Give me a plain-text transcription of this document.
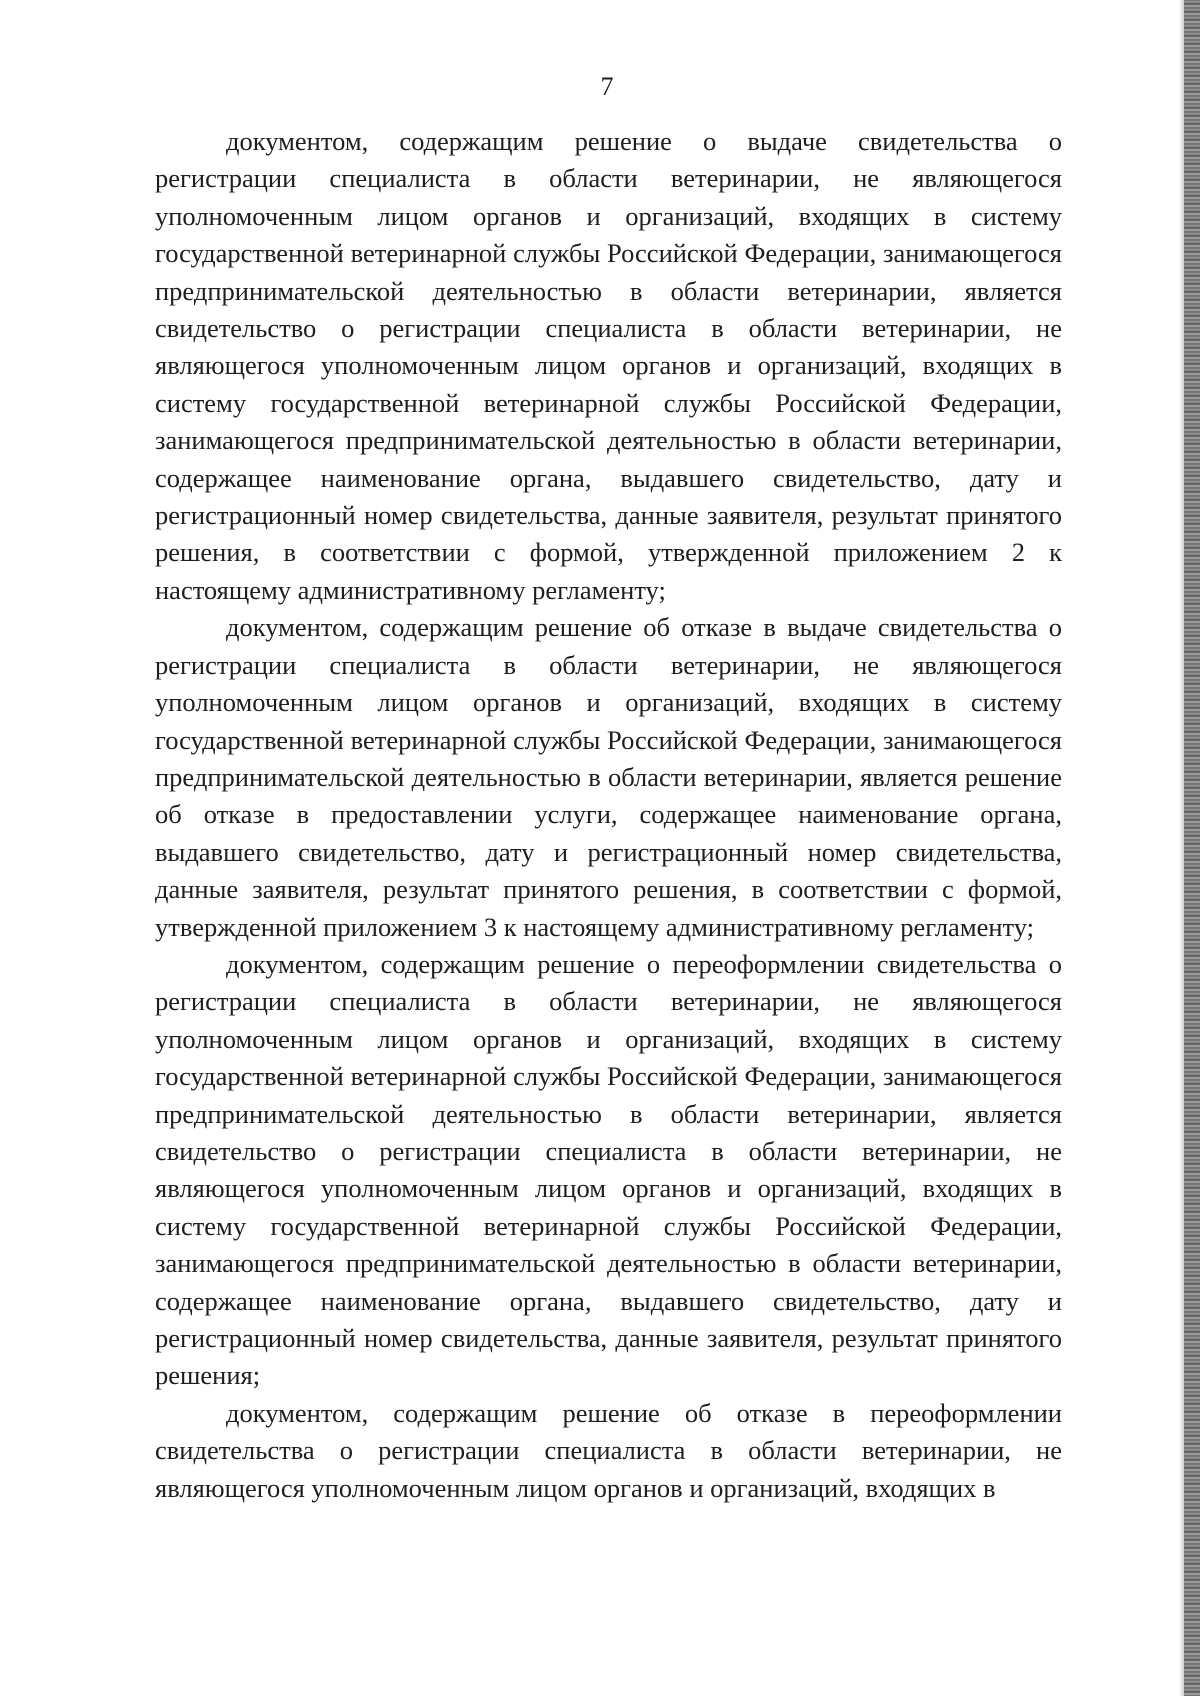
7

документом, содержащим решение о выдаче свидетельства о регистрации специалиста в области ветеринарии, не являющегося уполномоченным лицом органов и организаций, входящих в систему государственной ветеринарной службы Российской Федерации, занимающегося предпринимательской деятельностью в области ветеринарии, является свидетельство о регистрации специалиста в области ветеринарии, не являющегося уполномоченным лицом органов и организаций, входящих в систему государственной ветеринарной службы Российской Федерации, занимающегося предпринимательской деятельностью в области ветеринарии, содержащее наименование органа, выдавшего свидетельство, дату и регистрационный номер свидетельства, данные заявителя, результат принятого решения, в соответствии с формой, утвержденной приложением 2 к настоящему административному регламенту;

документом, содержащим решение об отказе в выдаче свидетельства о регистрации специалиста в области ветеринарии, не являющегося уполномоченным лицом органов и организаций, входящих в систему государственной ветеринарной службы Российской Федерации, занимающегося предпринимательской деятельностью в области ветеринарии, является решение об отказе в предоставлении услуги, содержащее наименование органа, выдавшего свидетельство, дату и регистрационный номер свидетельства, данные заявителя, результат принятого решения, в соответствии с формой, утвержденной приложением 3 к настоящему административному регламенту;

документом, содержащим решение о переоформлении свидетельства о регистрации специалиста в области ветеринарии, не являющегося уполномоченным лицом органов и организаций, входящих в систему государственной ветеринарной службы Российской Федерации, занимающегося предпринимательской деятельностью в области ветеринарии, является свидетельство о регистрации специалиста в области ветеринарии, не являющегося уполномоченным лицом органов и организаций, входящих в систему государственной ветеринарной службы Российской Федерации, занимающегося предпринимательской деятельностью в области ветеринарии, содержащее наименование органа, выдавшего свидетельство, дату и регистрационный номер свидетельства, данные заявителя, результат принятого решения;

документом, содержащим решение об отказе в переоформлении свидетельства о регистрации специалиста в области ветеринарии, не являющегося уполномоченным лицом органов и организаций, входящих в
